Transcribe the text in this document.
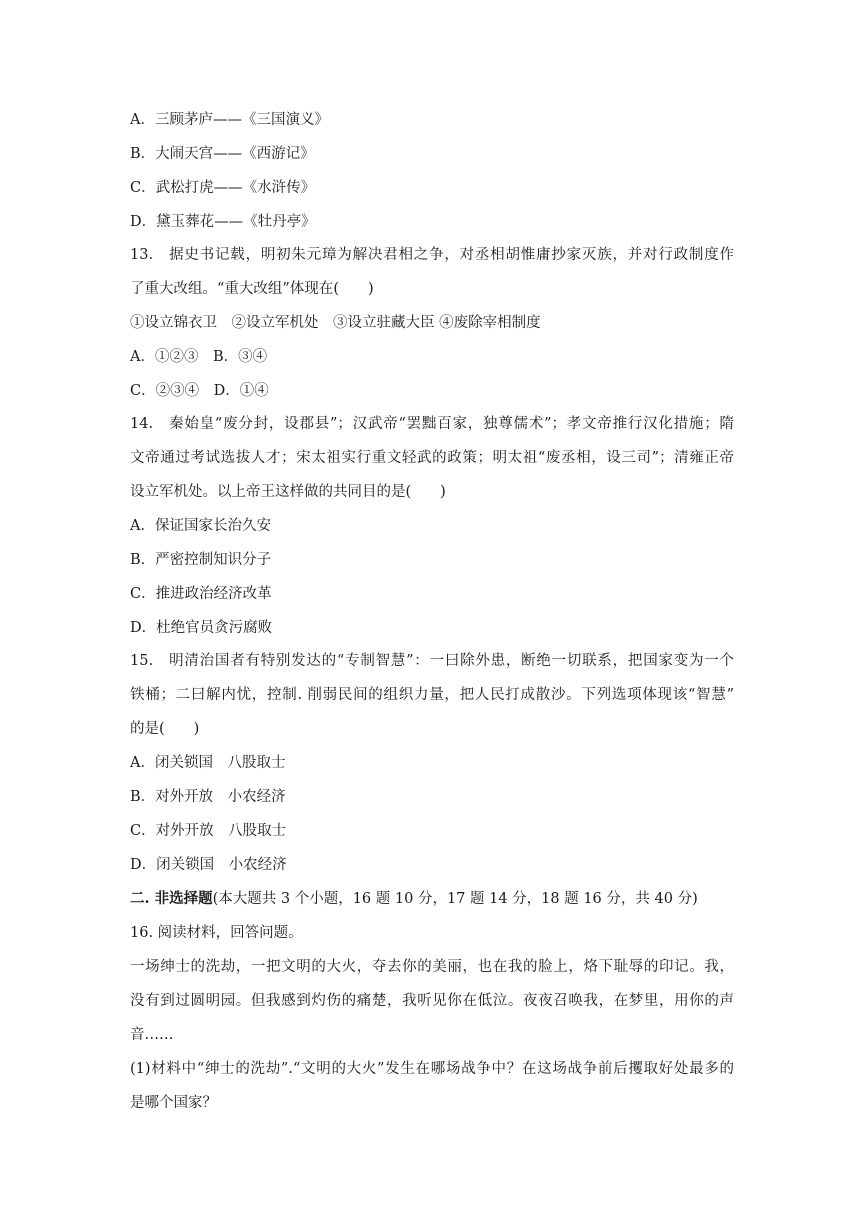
A．三顾茅庐——《三国演义》
B．大闹天宫——《西游记》
C．武松打虎——《水浒传》
D．黛玉葬花——《牡丹亭》
13.　据史书记载，明初朱元璋为解决君相之争，对丞相胡惟庸抄家灭族，并对行政制度作
了重大改组。“重大改组”体现在(　　)
①设立锦衣卫　②设立军机处　③设立驻藏大臣 ④废除宰相制度
A．①②③　B．③④
C．②③④　D．①④
14.　秦始皇“废分封，设郡县”；汉武帝“罢黜百家，独尊儒术”；孝文帝推行汉化措施；隋
文帝通过考试选拔人才；宋太祖实行重文轻武的政策；明太祖“废丞相，设三司”；清雍正帝
设立军机处。以上帝王这样做的共同目的是(　　)
A．保证国家长治久安
B．严密控制知识分子
C．推进政治经济改革
D．杜绝官员贪污腐败
15.　明清治国者有特别发达的“专制智慧”：一曰除外患，断绝一切联系，把国家变为一个
铁桶；二曰解内忧，控制. 削弱民间的组织力量，把人民打成散沙。下列选项体现该“智慧”
的是(　　)
A．闭关锁国　八股取士
B．对外开放　小农经济
C．对外开放　八股取士
D．闭关锁国　小农经济
二. 非选择题(本大题共 3 个小题，16 题 10 分，17 题 14 分，18 题 16 分，共 40 分)
16. 阅读材料，回答问题。
一场绅士的洗劫，一把文明的大火，夺去你的美丽，也在我的脸上，烙下耻辱的印记。我，
没有到过圆明园。但我感到灼伤的痛楚，我听见你在低泣。夜夜召唤我，在梦里，用你的声
音……
(1)材料中“绅士的洗劫”.“文明的大火”发生在哪场战争中？在这场战争前后攫取好处最多的
是哪个国家？
